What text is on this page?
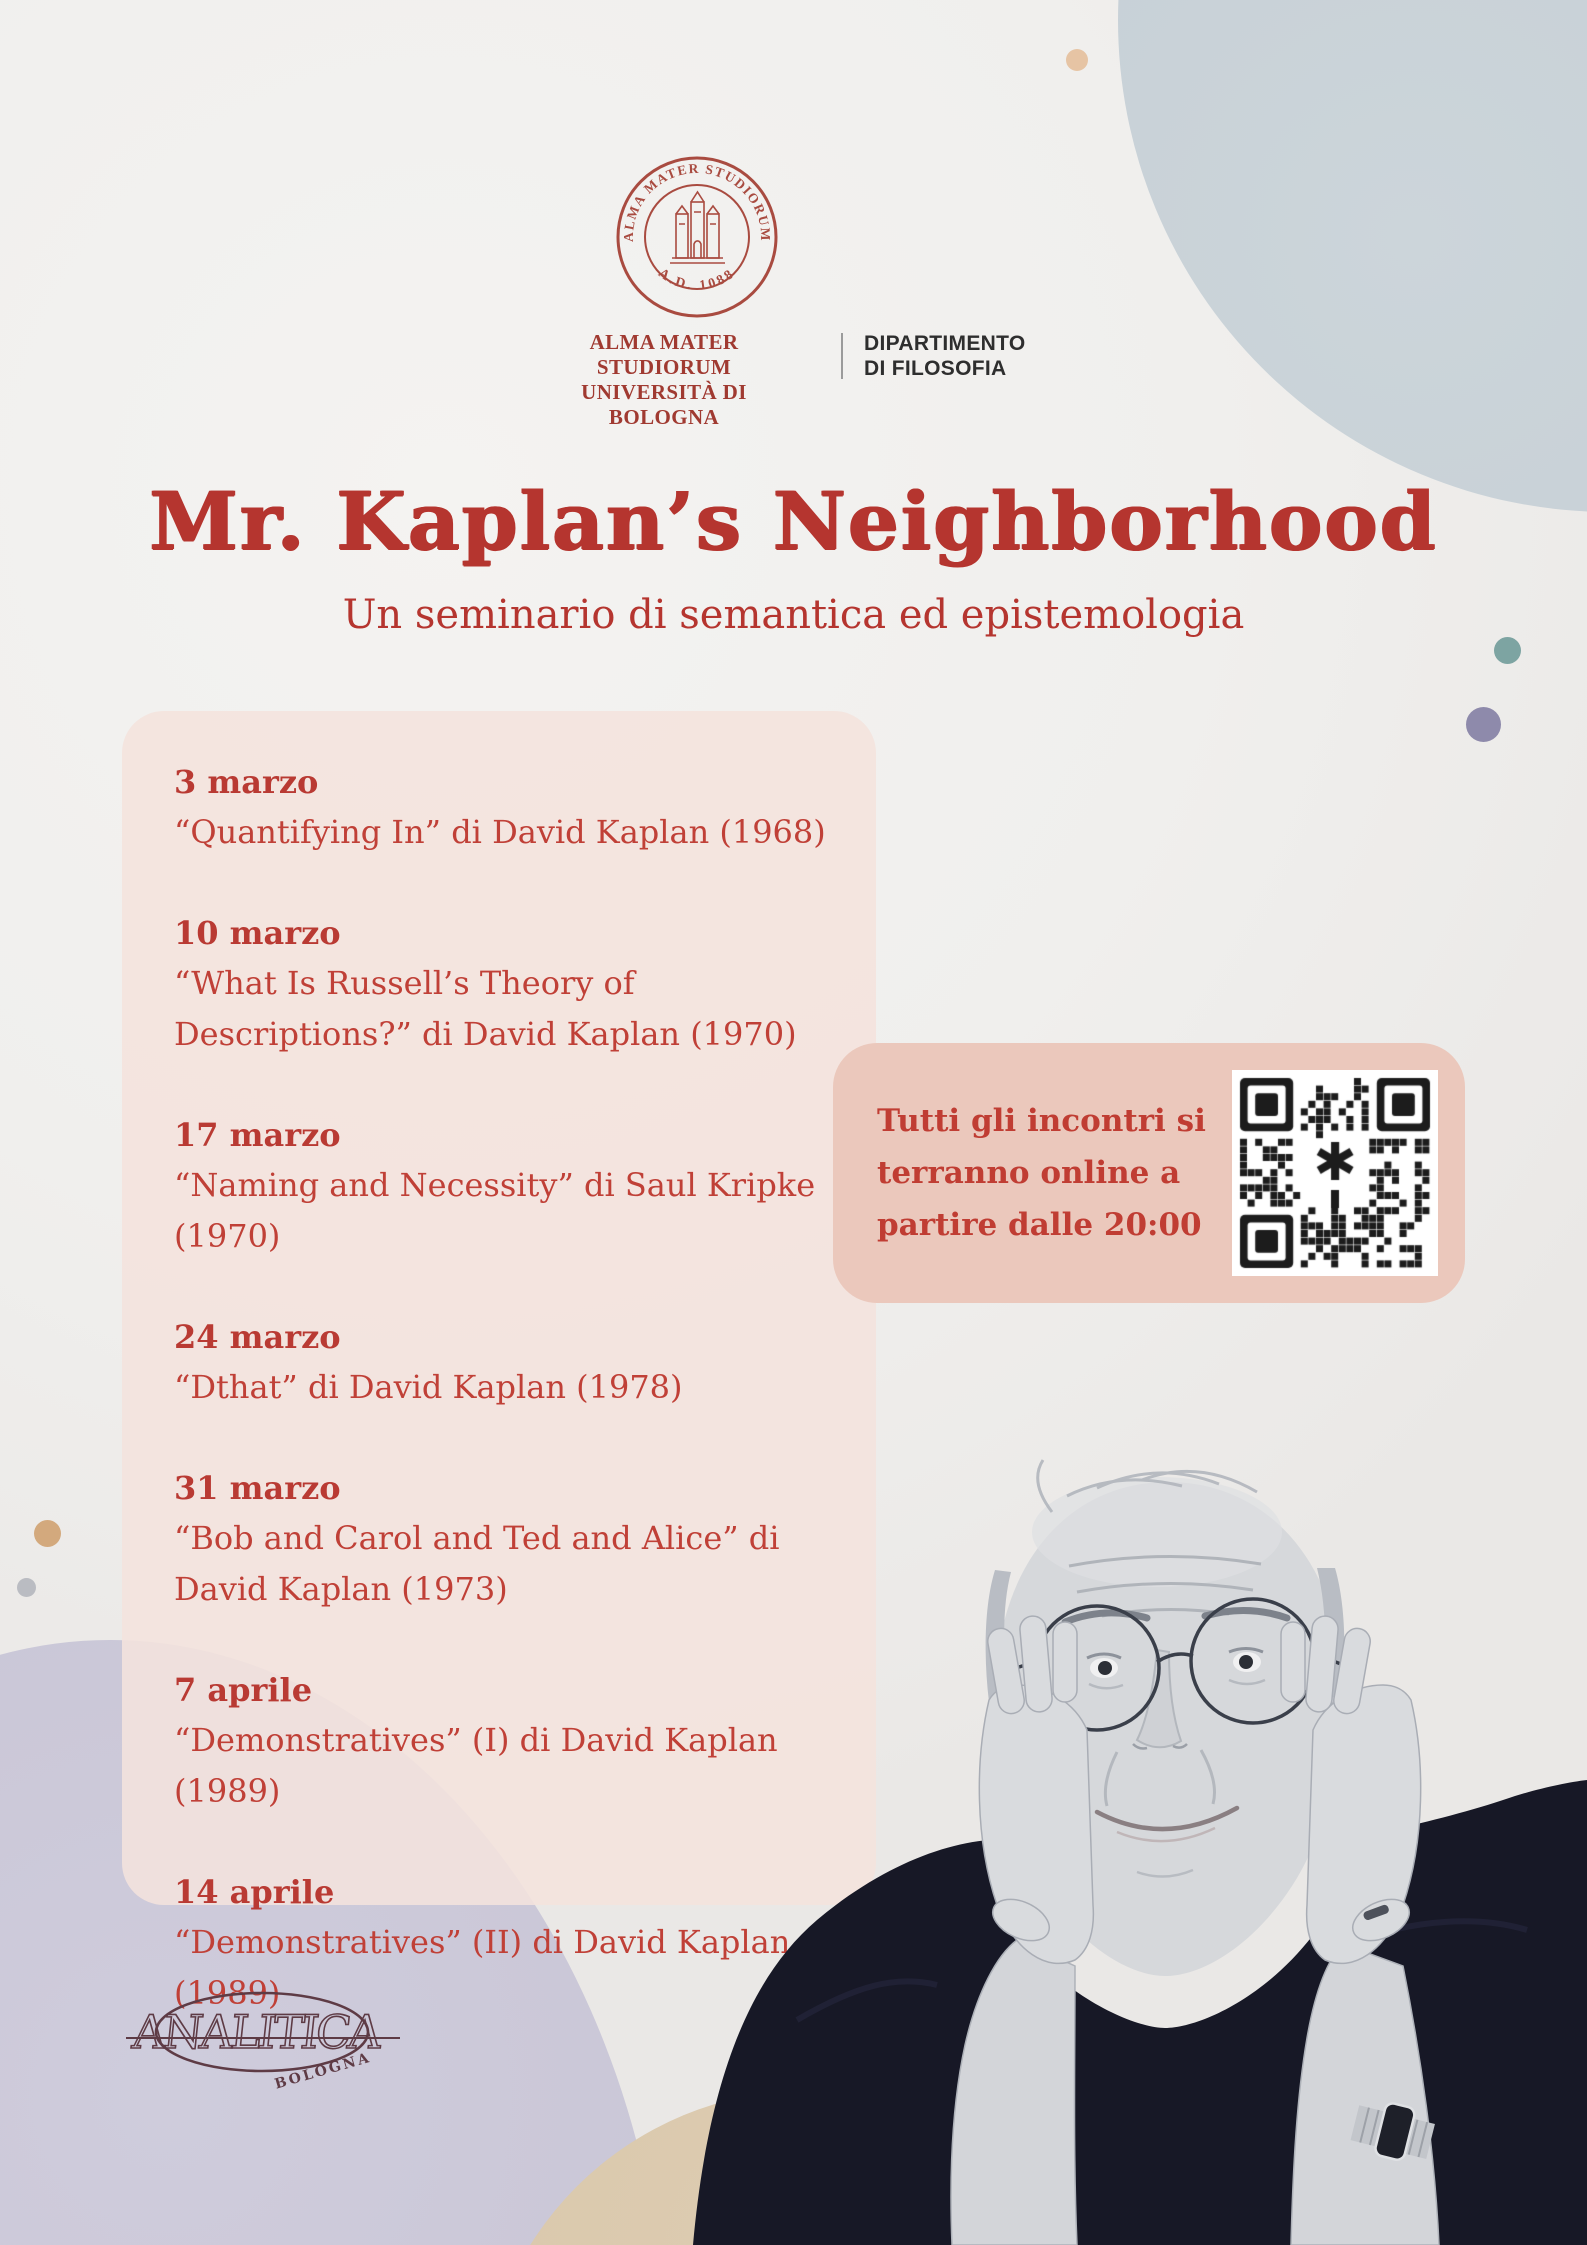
ALMA MATER STUDIORUM
A.D. 1088
ALMA MATER STUDIORUM
UNIVERSITÀ DI BOLOGNA
DIPARTIMENTO
DI FILOSOFIA
Mr. Kaplan’s Neighborhood
Un seminario di semantica ed epistemologia
3 marzo
“Quantifying In” di David Kaplan (1968)
10 marzo
“What Is Russell’s Theory of Descriptions?” di David Kaplan (1970)
17 marzo
“Naming and Necessity” di Saul Kripke (1970)
24 marzo
“Dthat” di David Kaplan (1978)
31 marzo
“Bob and Carol and Ted and Alice” di David Kaplan (1973)
7 aprile
“Demonstratives” (I) di David Kaplan (1989)
14 aprile
“Demonstratives” (II) di David Kaplan (1989)
Tutti gli incontri si
terranno online a
partire dalle 20:00
ANALITICA
BOLOGNA
